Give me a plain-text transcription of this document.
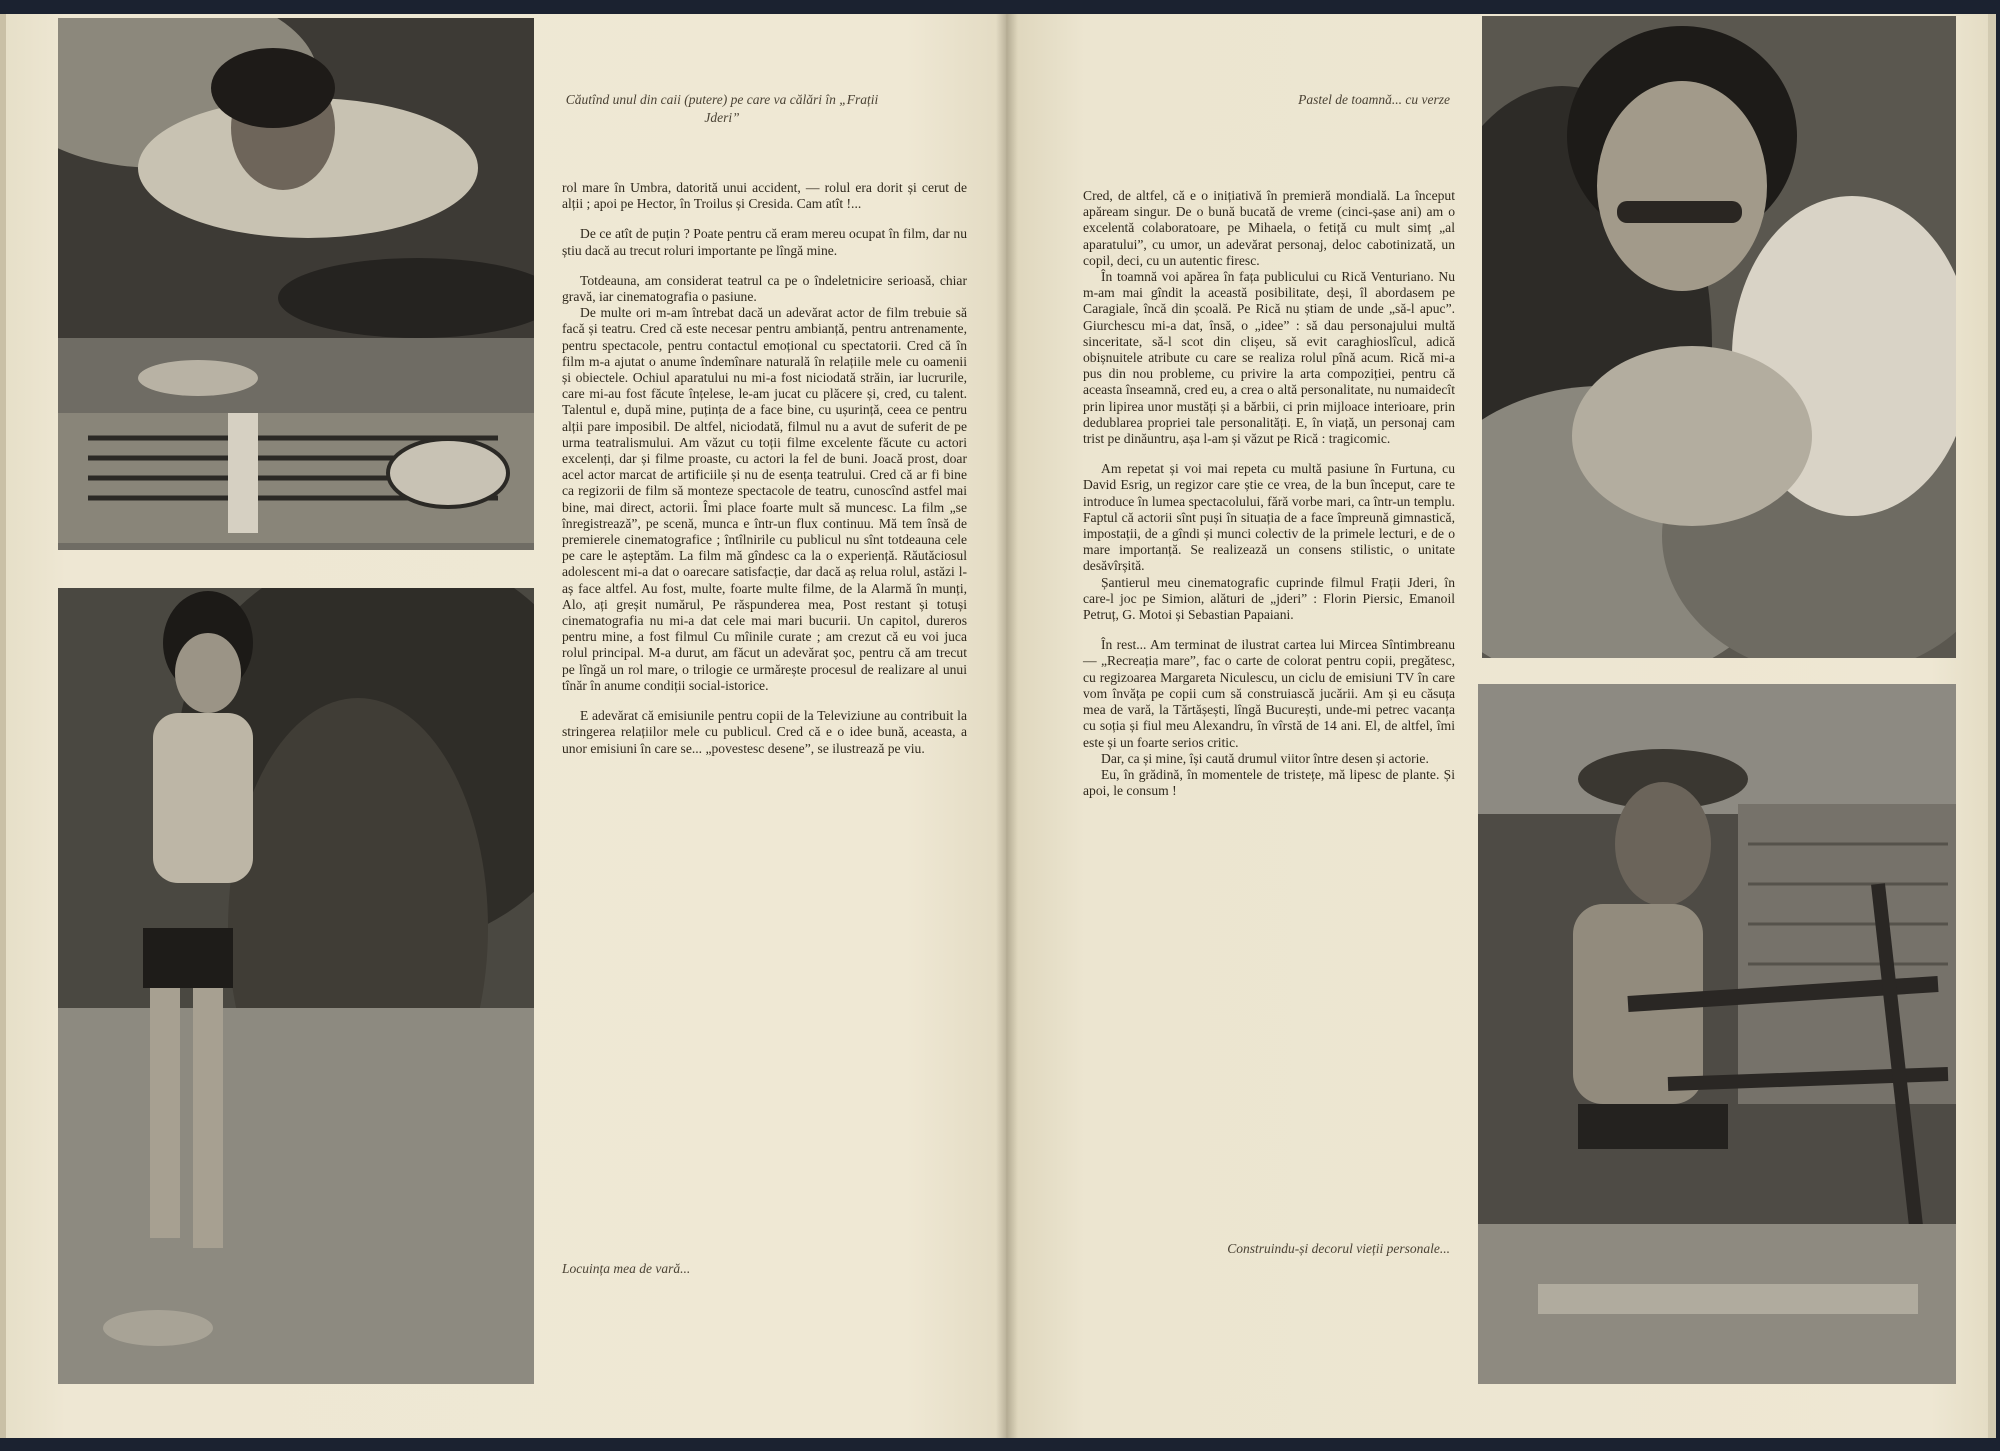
Căutînd unul din caii (putere) pe care va călări în „Frații Jderi”
Locuința mea de vară...

rol mare în Umbra, datorită unui accident, — rolul era dorit și cerut de alții ; apoi pe Hector, în Troilus și Cresida. Cam atît !...

De ce atît de puțin ? Poate pentru că eram mereu ocupat în film, dar nu știu dacă au trecut roluri importante pe lîngă mine.

Totdeauna, am considerat teatrul ca pe o îndeletnicire serioasă, chiar gravă, iar cinematografia o pasiune.

De multe ori m-am întrebat dacă un adevărat actor de film trebuie să facă și teatru. Cred că este necesar pentru ambianță, pentru antrenamente, pentru spectacole, pentru contactul emoțional cu spectatorii. Cred că în film m-a ajutat o anume îndemînare naturală în relațiile mele cu oamenii și obiectele. Ochiul aparatului nu mi-a fost niciodată străin, iar lucrurile, care mi-au fost făcute înțelese, le-am jucat cu plăcere și, cred, cu talent. Talentul e, după mine, puțința de a face bine, cu ușurință, ceea ce pentru alții pare imposibil. De altfel, niciodată, filmul nu a avut de suferit de pe urma teatralismului. Am văzut cu toții filme excelente făcute cu actori excelenți, dar și filme proaste, cu actori la fel de buni. Joacă prost, doar acel actor marcat de artificiile și nu de esența teatrului. Cred că ar fi bine ca regizorii de film să monteze spectacole de teatru, cunoscînd astfel mai bine, mai direct, actorii. Îmi place foarte mult să muncesc. La film „se înregistrează”, pe scenă, munca e într-un flux continuu. Mă tem însă de premierele cinematografice ; întîlnirile cu publicul nu sînt totdeauna cele pe care le așteptăm. La film mă gîndesc ca la o experiență. Răutăciosul adolescent mi-a dat o oarecare satisfacție, dar dacă aș relua rolul, astăzi l-aș face altfel. Au fost, multe, foarte multe filme, de la Alarmă în munți, Alo, ați greșit numărul, Pe răspunderea mea, Post restant și totuși cinematografia nu mi-a dat cele mai mari bucurii. Un capitol, dureros pentru mine, a fost filmul Cu mîinile curate ; am crezut că eu voi juca rolul principal. M-a durut, am făcut un adevărat șoc, pentru că am trecut pe lîngă un rol mare, o trilogie ce urmărește procesul de realizare al unui tînăr în anume condiții social-istorice.

E adevărat că emisiunile pentru copii de la Televiziune au contribuit la stringerea relațiilor mele cu publicul. Cred că e o idee bună, aceasta, a unor emisiuni în care se... „povestesc desene”, se ilustrează pe viu.

Pastel de toamnă... cu verze
Construindu-și decorul vieții personale...

Cred, de altfel, că e o inițiativă în premieră mondială. La început apăream singur. De o bună bucată de vreme (cinci-șase ani) am o excelentă colaboratoare, pe Mihaela, o fetiță cu mult simț „al aparatului”, cu umor, un adevărat personaj, deloc cabotinizată, un copil, deci, cu un autentic firesc.

În toamnă voi apărea în fața publicului cu Rică Venturiano. Nu m-am mai gîndit la această posibilitate, deși, îl abordasem pe Caragiale, încă din școală. Pe Rică nu știam de unde „să-l apuc”. Giurchescu mi-a dat, însă, o „idee” : să dau personajului multă sinceritate, să-l scot din clișeu, să evit caraghioslîcul, adică obișnuitele atribute cu care se realiza rolul pînă acum. Rică mi-a pus din nou probleme, cu privire la arta compoziției, pentru că aceasta înseamnă, cred eu, a crea o altă personalitate, nu numaidecît prin lipirea unor mustăți și a bărbii, ci prin mijloace interioare, prin dedublarea propriei tale personalități. E, în viață, un personaj cam trist pe dinăuntru, așa l-am și văzut pe Rică : tragicomic.

Am repetat și voi mai repeta cu multă pasiune în Furtuna, cu David Esrig, un regizor care știe ce vrea, de la bun început, care te introduce în lumea spectacolului, fără vorbe mari, ca într-un templu. Faptul că actorii sînt puși în situația de a face împreună gimnastică, impostații, de a gîndi și munci colectiv de la primele lecturi, e de o mare importanță. Se realizează un consens stilistic, o unitate desăvîrșită.

Șantierul meu cinematografic cuprinde filmul Frații Jderi, în care-l joc pe Simion, alături de „jderi” : Florin Piersic, Emanoil Petruț, G. Motoi și Sebastian Papaiani.

În rest... Am terminat de ilustrat cartea lui Mircea Sîntimbreanu — „Recreația mare”, fac o carte de colorat pentru copii, pregătesc, cu regizoarea Margareta Niculescu, un ciclu de emisiuni TV în care vom învăța pe copii cum să construiască jucării. Am și eu căsuța mea de vară, la Tărtășești, lîngă București, unde-mi petrec vacanța cu soția și fiul meu Alexandru, în vîrstă de 14 ani. El, de altfel, îmi este și un foarte serios critic.

Dar, ca și mine, își caută drumul viitor între desen și actorie.

Eu, în grădină, în momentele de tristețe, mă lipesc de plante. Și apoi, le consum !
